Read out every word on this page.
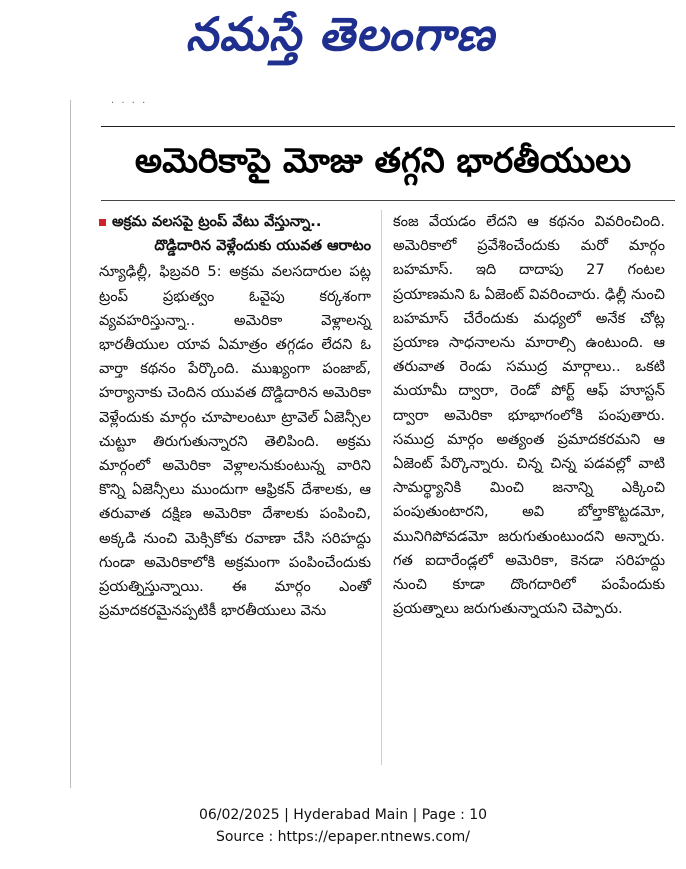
నమస్తే తెలంగాణ
· · · ·
అమెరికాపై మోజు తగ్గని భారతీయులు
అక్రమ వలసపై ట్రంప్ వేటు వేస్తున్నా..
దొడ్డిదారిన వెళ్లేందుకు యువత ఆరాటం
న్యూఢిల్లీ, ఫిబ్రవరి 5: అక్రమ వలసదారుల పట్ల ట్రంప్ ప్రభుత్వం ఓవైపు కర్కశంగా వ్యవహరిస్తున్నా.. అమెరికా వెళ్లాలన్న భారతీయుల యావ ఏమాత్రం తగ్గడం లేదని ఓ వార్తా కథనం పేర్కొంది. ముఖ్యంగా పంజాబ్, హర్యానాకు చెందిన యువత దొడ్డిదారిన అమెరికా వెళ్లేందుకు మార్గం చూపాలంటూ ట్రావెల్ ఏజెన్సీల చుట్టూ తిరుగుతున్నారని తెలిపింది. అక్రమ మార్గంలో అమెరికా వెళ్లాలనుకుంటున్న వారిని కొన్ని ఏజెన్సీలు ముందుగా ఆఫ్రికన్ దేశాలకు, ఆ తరువాత దక్షిణ అమెరికా దేశాలకు పంపించి, అక్కడి నుంచి మెక్సికోకు రవాణా చేసి సరిహద్దు గుండా అమెరికాలోకి అక్రమంగా పంపించేందుకు ప్రయత్నిస్తున్నాయి. ఈ మార్గం ఎంతో ప్రమాదకరమైనప్పటికీ భారతీయులు వెను
కంజ వేయడం లేదని ఆ కథనం వివరించింది. అమెరికాలో ప్రవేశించేందుకు మరో మార్గం బహమాస్. ఇది దాదాపు 27 గంటల ప్రయాణమని ఓ ఏజెంట్ వివరించారు. ఢిల్లీ నుంచి బహమాస్ చేరేందుకు మధ్యలో అనేక చోట్ల ప్రయాణ సాధనాలను మారాల్సి ఉంటుంది. ఆ తరువాత రెండు సముద్ర మార్గాలు.. ఒకటి మయామీ ద్వారా, రెండో పోర్ట్ ఆఫ్ హూస్టన్ ద్వారా అమెరికా భూభాగంలోకి పంపుతారు. సముద్ర మార్గం అత్యంత ప్రమాదకరమని ఆ ఏజెంట్ పేర్కొన్నారు. చిన్న చిన్న పడవల్లో వాటి సామర్థ్యానికి మించి జనాన్ని ఎక్కించి పంపుతుంటారని, అవి బోల్తాకొట్టడమో, మునిగిపోవడమో జరుగుతుంటుందని అన్నారు. గత ఐదారేండ్లలో అమెరికా, కెనడా సరిహద్దు నుంచి కూడా దొంగదారిలో పంపేందుకు ప్రయత్నాలు జరుగుతున్నాయని చెప్పారు.
06/02/2025 | Hyderabad Main | Page : 10
Source : https://epaper.ntnews.com/
